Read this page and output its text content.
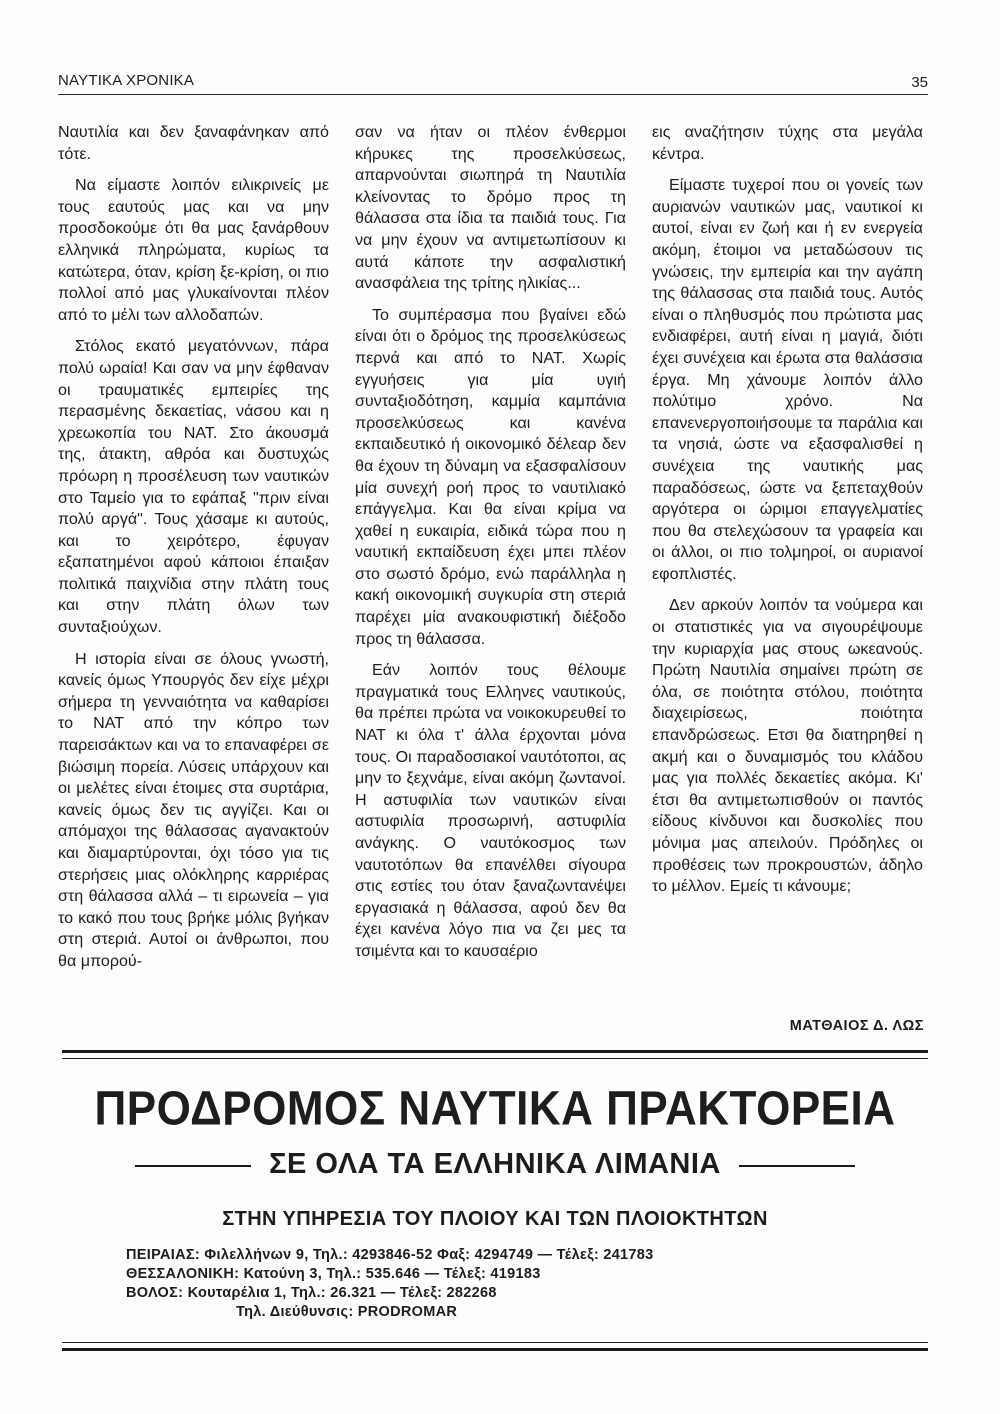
ΝΑΥΤΙΚΑ ΧΡΟΝΙΚΑ	35

Ναυτιλία και δεν ξαναφάνηκαν από τότε.

Να είμαστε λοιπόν ειλικρινείς με τους εαυτούς μας και να μην προσδοκούμε ότι θα μας ξανάρθουν ελληνικά πληρώματα, κυρίως τα κατώτερα, όταν, κρίση ξε-κρίση, οι πιο πολλοί από μας γλυκαίνονται πλέον από το μέλι των αλλοδαπών.

Στόλος εκατό μεγατόννων, πάρα πολύ ωραία! Και σαν να μην έφθαναν οι τραυματικές εμπειρίες της περασμένης δεκαετίας, νάσου και η χρεωκοπία του ΝΑΤ. Στο άκουσμά της, άτακτη, αθρόα και δυστυχώς πρόωρη η προσέλευση των ναυτικών στο Ταμείο για το εφάπαξ "πριν είναι πολύ αργά". Τους χάσαμε κι αυτούς, και το χειρότερο, έφυγαν εξαπατημένοι αφού κάποιοι έπαιξαν πολιτικά παιχνίδια στην πλάτη τους και στην πλάτη όλων των συνταξιούχων.

Η ιστορία είναι σε όλους γνωστή, κανείς όμως Υπουργός δεν είχε μέχρι σήμερα τη γενναιότητα να καθαρίσει το ΝΑΤ από την κόπρο των παρεισάκτων και να το επαναφέρει σε βιώσιμη πορεία. Λύσεις υπάρχουν και οι μελέτες είναι έτοιμες στα συρτάρια, κανείς όμως δεν τις αγγίζει. Και οι απόμαχοι της θάλασσας αγανακτούν και διαμαρτύρονται, όχι τόσο για τις στερήσεις μιας ολόκληρης καρριέρας στη θάλασσα αλλά – τι ειρωνεία – για το κακό που τους βρήκε μόλις βγήκαν στη στεριά. Αυτοί οι άνθρωποι, που θα μπορού-

σαν να ήταν οι πλέον ένθερμοι κήρυκες της προσελκύσεως, απαρνούνται σιωπηρά τη Ναυτιλία κλείνοντας το δρόμο προς τη θάλασσα στα ίδια τα παιδιά τους. Για να μην έχουν να αντιμετωπίσουν κι αυτά κάποτε την ασφαλιστική ανασφάλεια της τρίτης ηλικίας...

Το συμπέρασμα που βγαίνει εδώ είναι ότι ο δρόμος της προσελκύσεως περνά και από το ΝΑΤ. Χωρίς εγγυήσεις για μία υγιή συνταξιοδότηση, καμμία καμπάνια προσελκύσεως και κανένα εκπαιδευτικό ή οικονομικό δέλεαρ δεν θα έχουν τη δύναμη να εξασφαλίσουν μία συνεχή ροή προς το ναυτιλιακό επάγγελμα. Και θα είναι κρίμα να χαθεί η ευκαιρία, ειδικά τώρα που η ναυτική εκπαίδευση έχει μπει πλέον στο σωστό δρόμο, ενώ παράλληλα η κακή οικονομική συγκυρία στη στεριά παρέχει μία ανακουφιστική διέξοδο προς τη θάλασσα.

Εάν λοιπόν τους θέλουμε πραγματικά τους Ελληνες ναυτικούς, θα πρέπει πρώτα να νοικοκυρευθεί το ΝΑΤ κι όλα τ' άλλα έρχονται μόνα τους. Οι παραδοσιακοί ναυτότοποι, ας μην το ξεχνάμε, είναι ακόμη ζωντανοί. Η αστυφιλία των ναυτικών είναι αστυφιλία προσωρινή, αστυφιλία ανάγκης. Ο ναυτόκοσμος των ναυτοτόπων θα επανέλθει σίγουρα στις εστίες του όταν ξαναζωντανέψει εργασιακά η θάλασσα, αφού δεν θα έχει κανένα λόγο πια να ζει μες τα τσιμέντα και το καυσαέριο

εις αναζήτησιν τύχης στα μεγάλα κέντρα.

Είμαστε τυχεροί που οι γονείς των αυριανών ναυτικών μας, ναυτικοί κι αυτοί, είναι εν ζωή και ή εν ενεργεία ακόμη, έτοιμοι να μεταδώσουν τις γνώσεις, την εμπειρία και την αγάπη της θάλασσας στα παιδιά τους. Αυτός είναι ο πληθυσμός που πρώτιστα μας ενδιαφέρει, αυτή είναι η μαγιά, διότι έχει συνέχεια και έρωτα στα θαλάσσια έργα. Μη χάνουμε λοιπόν άλλο πολύτιμο χρόνο. Να επανενεργοποιήσουμε τα παράλια και τα νησιά, ώστε να εξασφαλισθεί η συνέχεια της ναυτικής μας παραδόσεως, ώστε να ξεπεταχθούν αργότερα οι ώριμοι επαγγελματίες που θα στελεχώσουν τα γραφεία και οι άλλοι, οι πιο τολμηροί, οι αυριανοί εφοπλιστές.

Δεν αρκούν λοιπόν τα νούμερα και οι στατιστικές για να σιγουρέψουμε την κυριαρχία μας στους ωκεανούς. Πρώτη Ναυτιλία σημαίνει πρώτη σε όλα, σε ποιότητα στόλου, ποιότητα διαχειρίσεως, ποιότητα επανδρώσεως. Ετσι θα διατηρηθεί η ακμή και ο δυναμισμός του κλάδου μας για πολλές δεκαετίες ακόμα. Κι' έτσι θα αντιμετωπισθούν οι παντός είδους κίνδυνοι και δυσκολίες που μόνιμα μας απειλούν. Πρόδηλες οι προθέσεις των προκρουστών, άδηλο το μέλλον. Εμείς τι κάνουμε;

ΜΑΤΘΑΙΟΣ Δ. ΛΩΣ
ΠΡΟΔΡΟΜΟΣ ΝΑΥΤΙΚΑ ΠΡΑΚΤΟΡΕΙΑ
ΣΕ ΟΛΑ ΤΑ ΕΛΛΗΝΙΚΑ ΛΙΜΑΝΙΑ
ΣΤΗΝ ΥΠΗΡΕΣΙΑ ΤΟΥ ΠΛΟΙΟΥ ΚΑΙ ΤΩΝ ΠΛΟΙΟΚΤΗΤΩΝ
ΠΕΙΡΑΙΑΣ: Φιλελλήνων 9, Τηλ.: 4293846-52 Φαξ: 4294749 — Τέλεξ: 241783
ΘΕΣΣΑΛΟΝΙΚΗ: Κατούνη 3, Τηλ.: 535.646 — Τέλεξ: 419183
ΒΟΛΟΣ: Κουταρέλια 1, Τηλ.: 26.321 — Τέλεξ: 282268
Τηλ. Διεύθυνσις: PRODROMAR
